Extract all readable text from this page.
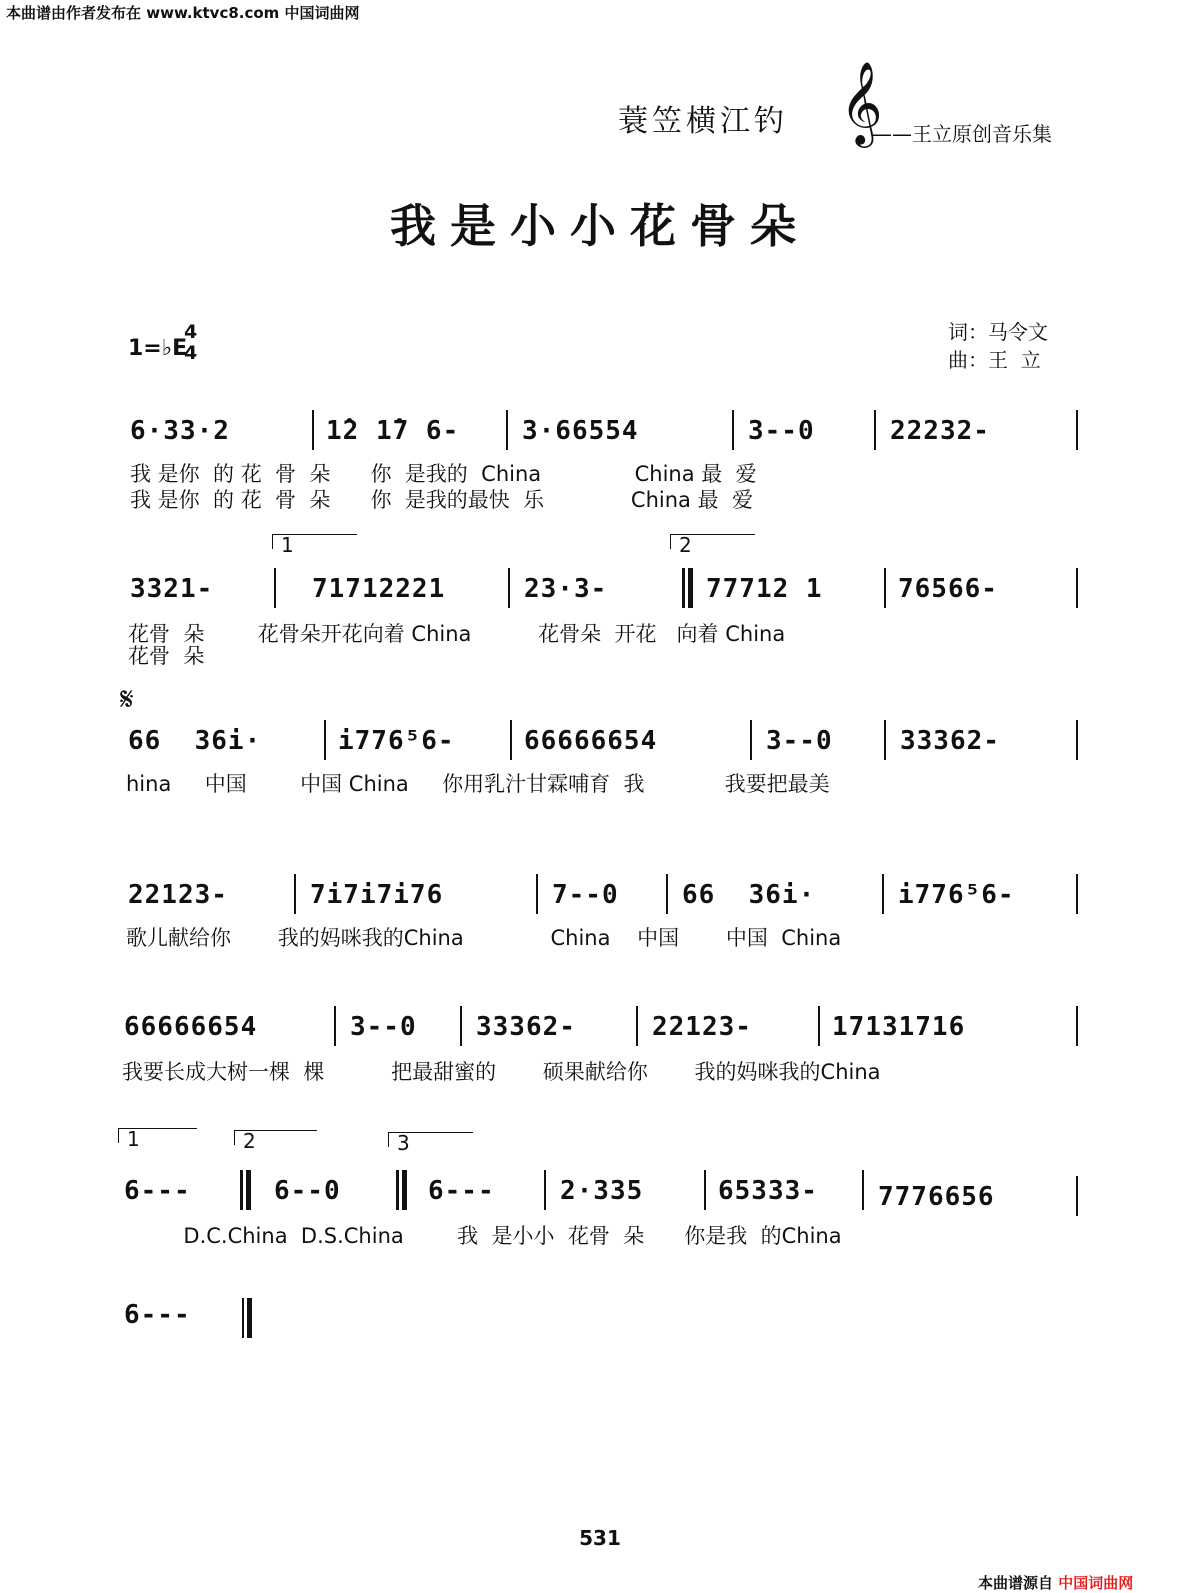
本曲谱由作者发布在 www.ktvc8.com 中国词曲网
蓑笠横江钓 𝄞
——王立原创音乐集
我是小小花骨朵
1=♭E
4
4
词：马令文
曲：王  立
6·33·2	1̂2 1̂7 6- 3·66554	3--0	22232-
我 是你  的 花  骨  朵      你  是我的  China              China 最  爱
我 是你  的 花  骨  朵      你  是我的最快  乐             China 最  爱
1	2
3321-	71712221	23·3-	77712 1	76566-
花骨  朵        花骨朵开花向着 China          花骨朵  开花   向着 China
花骨  朵
𝄋
66  36i·	i776⁵6-	66666654	3--0	33362-
hina     中国        中国 China     你用乳汁甘霖哺育  我            我要把最美
22123-	7i7i7i76	7--0 66  36i·	i776⁵6-
歌儿献给你       我的妈咪我的China             China    中国       中国  China
66666654	3--0 33362-	22123-	17131716
我要长成大树一棵  棵          把最甜蜜的       硕果献给你       我的妈咪我的China
1	2	3
6---	6--0	6---	2·335	65333- 7776656
D.C.China  D.S.China        我  是小小  花骨  朵      你是我  的China
6---
531
本曲谱源自 中国词曲网
